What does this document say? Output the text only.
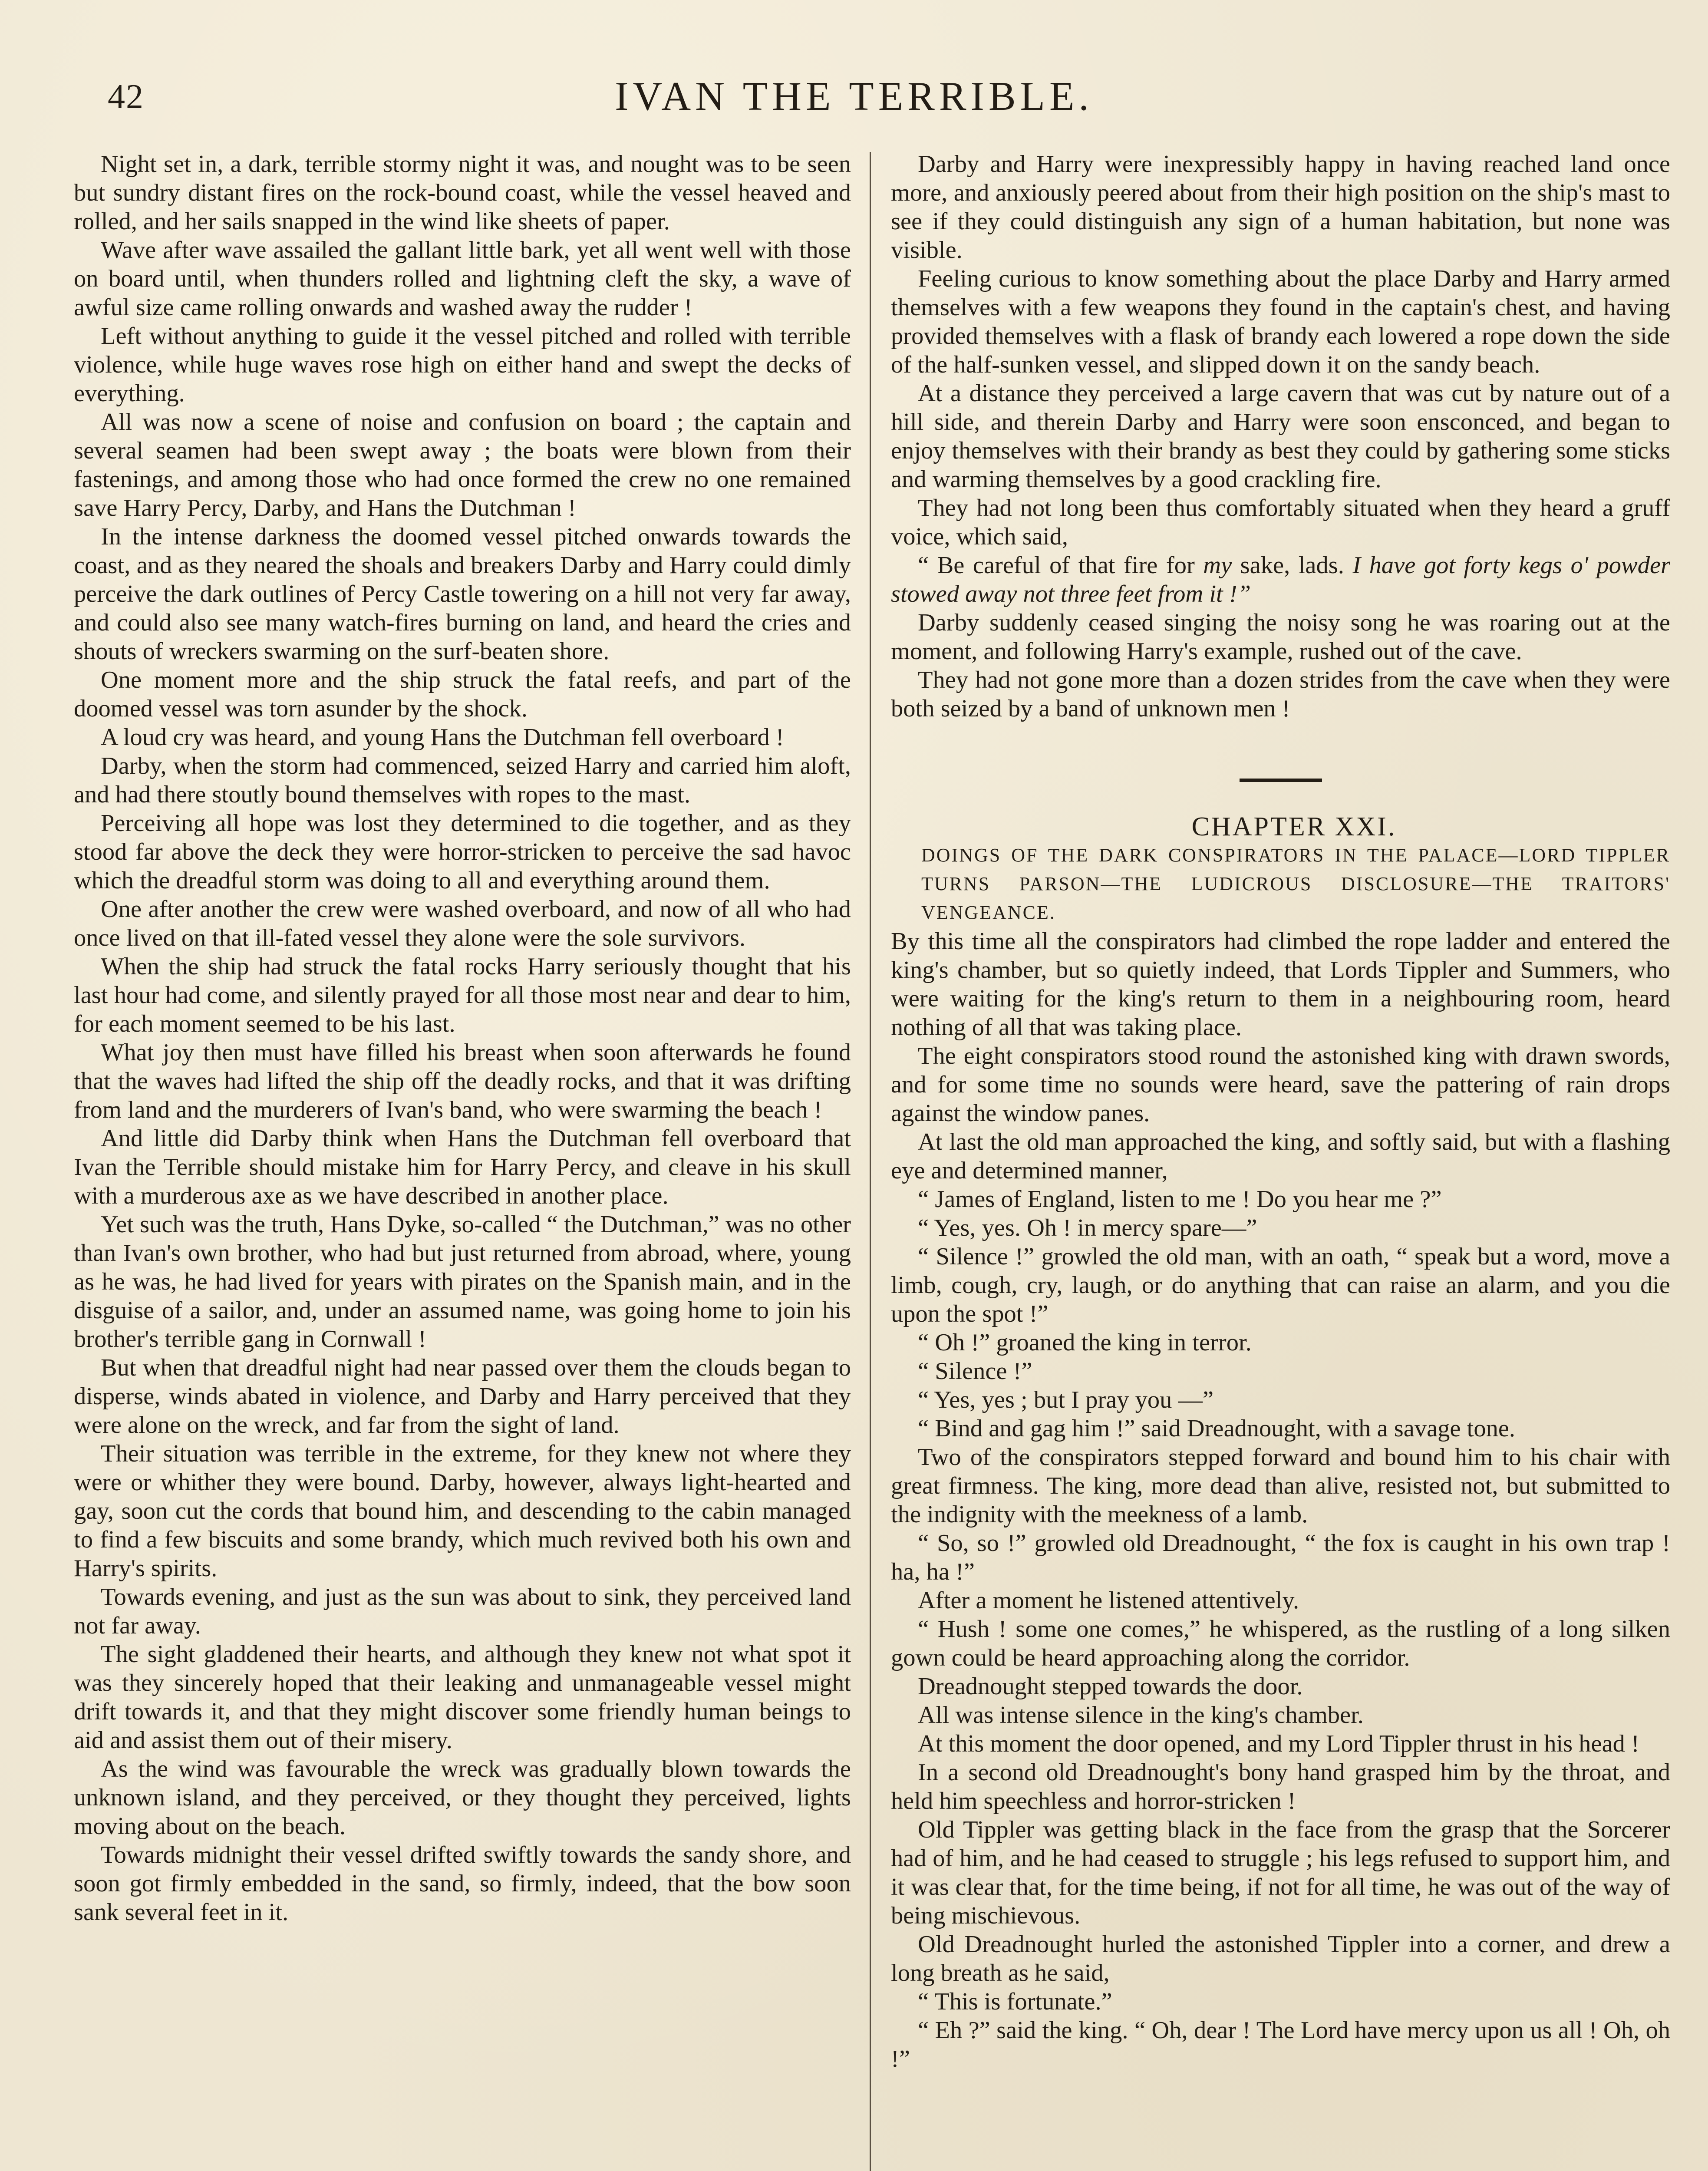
42	IVAN THE TERRIBLE.

Night set in, a dark, terrible stormy night it was, and nought was to be seen but sundry distant fires on the rock-bound coast, while the vessel heaved and rolled, and her sails snapped in the wind like sheets of paper.

Wave after wave assailed the gallant little bark, yet all went well with those on board until, when thunders rolled and lightning cleft the sky, a wave of awful size came rolling onwards and washed away the rudder !

Left without anything to guide it the vessel pitched and rolled with terrible violence, while huge waves rose high on either hand and swept the decks of everything.

All was now a scene of noise and confusion on board ; the captain and several seamen had been swept away ; the boats were blown from their fastenings, and among those who had once formed the crew no one remained save Harry Percy, Darby, and Hans the Dutchman !

In the intense darkness the doomed vessel pitched onwards towards the coast, and as they neared the shoals and breakers Darby and Harry could dimly perceive the dark outlines of Percy Castle towering on a hill not very far away, and could also see many watch-fires burning on land, and heard the cries and shouts of wreckers swarming on the surf-beaten shore.

One moment more and the ship struck the fatal reefs, and part of the doomed vessel was torn asunder by the shock.

A loud cry was heard, and young Hans the Dutchman fell overboard !

Darby, when the storm had commenced, seized Harry and carried him aloft, and had there stoutly bound themselves with ropes to the mast.

Perceiving all hope was lost they determined to die together, and as they stood far above the deck they were horror-stricken to perceive the sad havoc which the dreadful storm was doing to all and everything around them.

One after another the crew were washed overboard, and now of all who had once lived on that ill-fated vessel they alone were the sole survivors.

When the ship had struck the fatal rocks Harry seriously thought that his last hour had come, and silently prayed for all those most near and dear to him, for each moment seemed to be his last.

What joy then must have filled his breast when soon afterwards he found that the waves had lifted the ship off the deadly rocks, and that it was drifting from land and the murderers of Ivan's band, who were swarming the beach !

And little did Darby think when Hans the Dutchman fell overboard that Ivan the Terrible should mistake him for Harry Percy, and cleave in his skull with a murderous axe as we have described in another place.

Yet such was the truth, Hans Dyke, so-called “ the Dutchman,” was no other than Ivan's own brother, who had but just returned from abroad, where, young as he was, he had lived for years with pirates on the Spanish main, and in the disguise of a sailor, and, under an assumed name, was going home to join his brother's terrible gang in Cornwall !

But when that dreadful night had near passed over them the clouds began to disperse, winds abated in violence, and Darby and Harry perceived that they were alone on the wreck, and far from the sight of land.

Their situation was terrible in the extreme, for they knew not where they were or whither they were bound. Darby, however, always light-hearted and gay, soon cut the cords that bound him, and descending to the cabin managed to find a few biscuits and some brandy, which much revived both his own and Harry's spirits.

Towards evening, and just as the sun was about to sink, they perceived land not far away.

The sight gladdened their hearts, and although they knew not what spot it was they sincerely hoped that their leaking and unmanageable vessel might drift towards it, and that they might discover some friendly human beings to aid and assist them out of their misery.

As the wind was favourable the wreck was gradually blown towards the unknown island, and they perceived, or they thought they perceived, lights moving about on the beach.

Towards midnight their vessel drifted swiftly towards the sandy shore, and soon got firmly embedded in the sand, so firmly, indeed, that the bow soon sank several feet in it.

Darby and Harry were inexpressibly happy in having reached land once more, and anxiously peered about from their high position on the ship's mast to see if they could distinguish any sign of a human habitation, but none was visible.

Feeling curious to know something about the place Darby and Harry armed themselves with a few weapons they found in the captain's chest, and having provided themselves with a flask of brandy each lowered a rope down the side of the half-sunken vessel, and slipped down it on the sandy beach.

At a distance they perceived a large cavern that was cut by nature out of a hill side, and therein Darby and Harry were soon ensconced, and began to enjoy themselves with their brandy as best they could by gathering some sticks and warming themselves by a good crackling fire.

They had not long been thus comfortably situated when they heard a gruff voice, which said,

“ Be careful of that fire for my sake, lads. I have got forty kegs o' powder stowed away not three feet from it !”

Darby suddenly ceased singing the noisy song he was roaring out at the moment, and following Harry's example, rushed out of the cave.

They had not gone more than a dozen strides from the cave when they were both seized by a band of unknown men !

CHAPTER XXI.

DOINGS OF THE DARK CONSPIRATORS IN THE PALACE—LORD TIPPLER TURNS PARSON—THE LUDICROUS DISCLOSURE—THE TRAITORS' VENGEANCE.

By this time all the conspirators had climbed the rope ladder and entered the king's chamber, but so quietly indeed, that Lords Tippler and Summers, who were waiting for the king's return to them in a neighbouring room, heard nothing of all that was taking place.

The eight conspirators stood round the astonished king with drawn swords, and for some time no sounds were heard, save the pattering of rain drops against the window panes.

At last the old man approached the king, and softly said, but with a flashing eye and determined manner,

“ James of England, listen to me ! Do you hear me ?”

“ Yes, yes. Oh ! in mercy spare—”

“ Silence !” growled the old man, with an oath, “ speak but a word, move a limb, cough, cry, laugh, or do anything that can raise an alarm, and you die upon the spot !”

“ Oh !” groaned the king in terror.

“ Silence !”

“ Yes, yes ; but I pray you —”

“ Bind and gag him !” said Dreadnought, with a savage tone.

Two of the conspirators stepped forward and bound him to his chair with great firmness. The king, more dead than alive, resisted not, but submitted to the indignity with the meekness of a lamb.

“ So, so !” growled old Dreadnought, “ the fox is caught in his own trap ! ha, ha !”

After a moment he listened attentively.

“ Hush ! some one comes,” he whispered, as the rustling of a long silken gown could be heard approaching along the corridor.

Dreadnought stepped towards the door.

All was intense silence in the king's chamber.

At this moment the door opened, and my Lord Tippler thrust in his head !

In a second old Dreadnought's bony hand grasped him by the throat, and held him speechless and horror-stricken !

Old Tippler was getting black in the face from the grasp that the Sorcerer had of him, and he had ceased to struggle ; his legs refused to support him, and it was clear that, for the time being, if not for all time, he was out of the way of being mischievous.

Old Dreadnought hurled the astonished Tippler into a corner, and drew a long breath as he said,

“ This is fortunate.”

“ Eh ?” said the king. “ Oh, dear ! The Lord have mercy upon us all ! Oh, oh !”
